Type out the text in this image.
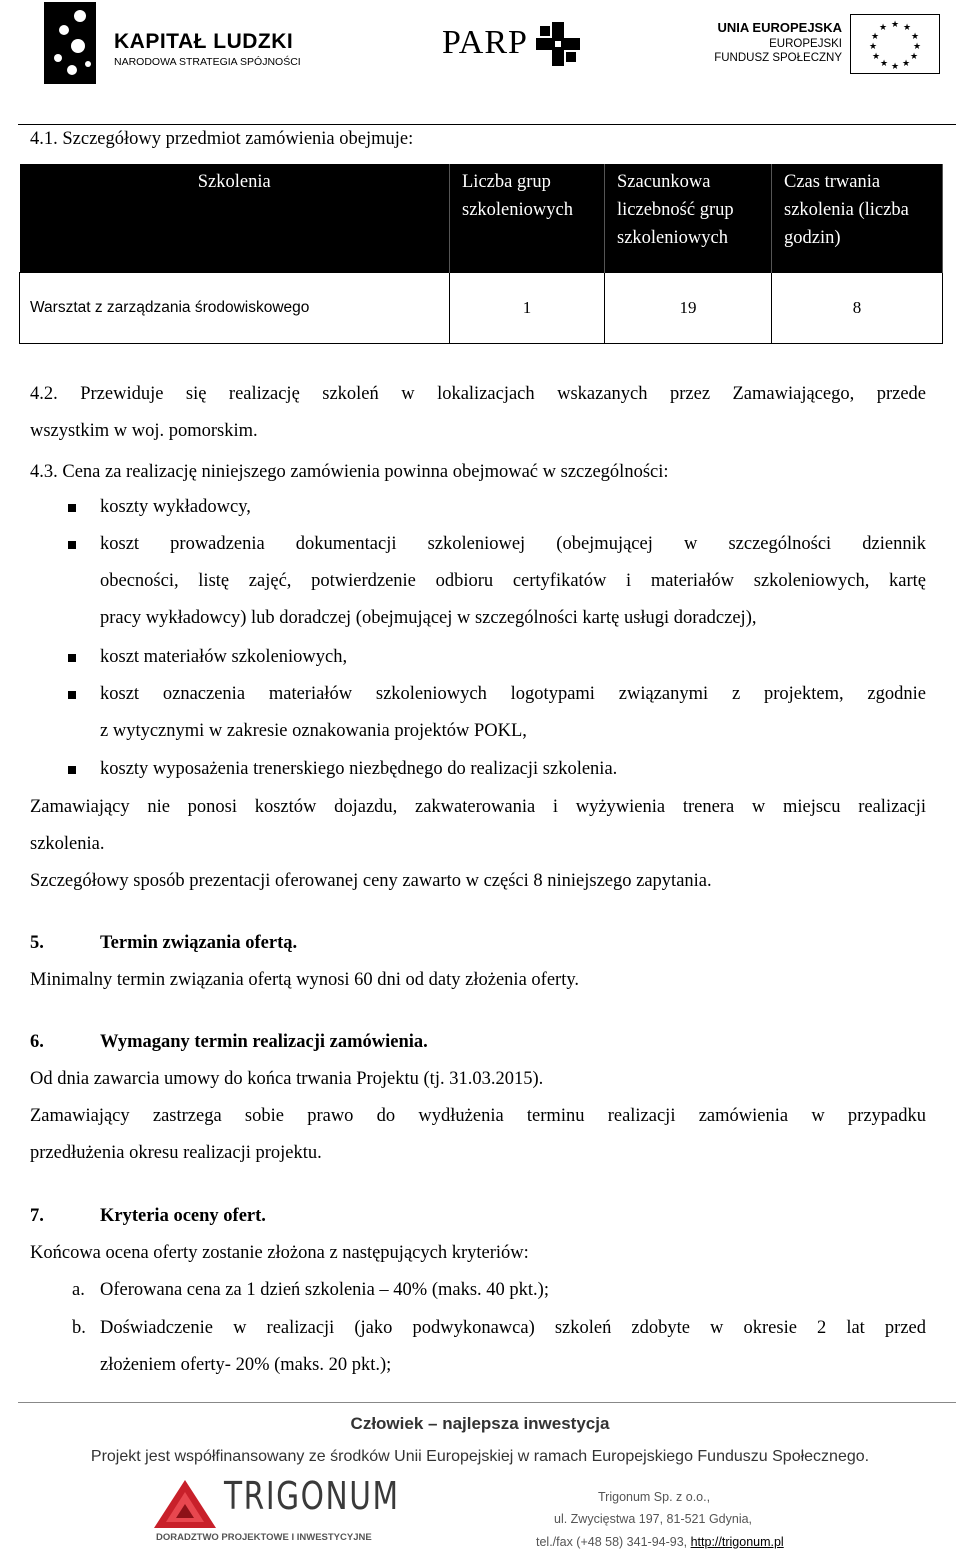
KAPITAŁ LUDZKI
NARODOWA STRATEGIA SPÓJNOŚCI
PARP	UNIA EUROPEJSKA
EUROPEJSKI
FUNDUSZ SPOŁECZNY
★ ★
★
★
★
★
★
★
★
★
★
★
4.1. Szczegółowy przedmiot zamówienia obejmuje:
Szkolenia	Liczba grup szkoleniowych	Szacunkowa liczebność grup szkoleniowych	Czas trwania szkolenia (liczba godzin)
Warsztat z zarządzania środowiskowego	1	19	8
4.2. Przewiduje się realizację szkoleń w lokalizacjach wskazanych przez Zamawiającego, przede
wszystkim w woj. pomorskim.
4.3. Cena za realizację niniejszego zamówienia powinna obejmować w szczególności:
koszty wykładowcy,
koszt prowadzenia dokumentacji szkoleniowej (obejmującej w szczególności dziennik
obecności, listę zajęć, potwierdzenie odbioru certyfikatów i materiałów szkoleniowych, kartę
pracy wykładowcy) lub doradczej (obejmującej w szczególności kartę usługi doradczej),
koszt materiałów szkoleniowych,
koszt oznaczenia materiałów szkoleniowych logotypami związanymi z projektem, zgodnie
z wytycznymi w zakresie oznakowania projektów POKL,
koszty wyposażenia trenerskiego niezbędnego do realizacji szkolenia.
Zamawiający nie ponosi kosztów dojazdu, zakwaterowania i wyżywienia trenera w miejscu realizacji
szkolenia.
Szczegółowy sposób prezentacji oferowanej ceny zawarto w części 8 niniejszego zapytania.
5.	Termin związania ofertą.
Minimalny termin związania ofertą wynosi 60 dni od daty złożenia oferty.
6.	Wymagany termin realizacji zamówienia.
Od dnia zawarcia umowy do końca trwania Projektu (tj. 31.03.2015).
Zamawiający zastrzega sobie prawo do wydłużenia terminu realizacji zamówienia w przypadku
przedłużenia okresu realizacji projektu.
7.	Kryteria oceny ofert.
Końcowa ocena oferty zostanie złożona z następujących kryteriów:
a. Oferowana cena za 1 dzień szkolenia – 40% (maks. 40 pkt.);
b. Doświadczenie w realizacji (jako podwykonawca) szkoleń zdobyte w okresie 2 lat przed
złożeniem oferty- 20% (maks. 20 pkt.);
Człowiek – najlepsza inwestycja
Projekt jest współfinansowany ze środków Unii Europejskiej w ramach Europejskiego Funduszu Społecznego.
TRIGONUM
DORADZTWO PROJEKTOWE I INWESTYCYJNE
Trigonum Sp. z o.o.,
ul. Zwycięstwa 197, 81-521 Gdynia,
tel./fax (+48 58) 341-94-93, http://trigonum.pl
